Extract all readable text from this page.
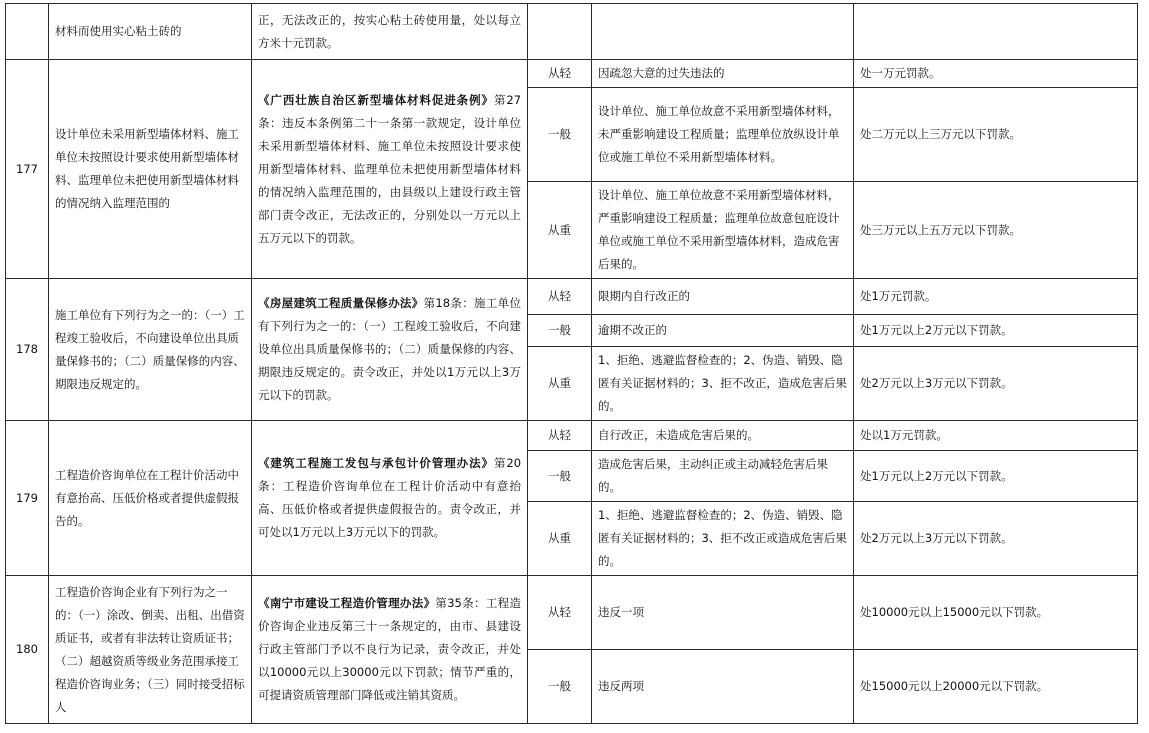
	材料而使用实心粘土砖的	正，无法改正的，按实心粘土砖使用量，处以每立方米十元罚款。			
177	设计单位未采用新型墙体材料、施工单位未按照设计要求使用新型墙体材料、监理单位未把使用新型墙体材料的情况纳入监理范围的	《广西壮族自治区新型墙体材料促进条例》第27条：违反本条例第二十一条第一款规定，设计单位未采用新型墙体材料、施工单位未按照设计要求使用新型墙体材料、监理单位未把使用新型墙体材料的情况纳入监理范围的，由县级以上建设行政主管部门责令改正，无法改正的，分别处以一万元以上五万元以下的罚款。	从轻	因疏忽大意的过失违法的	处一万元罚款。
			一般	设计单位、施工单位故意不采用新型墙体材料，未严重影响建设工程质量；监理单位放纵设计单位或施工单位不采用新型墙体材料。	处二万元以上三万元以下罚款。
			从重	设计单位、施工单位故意不采用新型墙体材料，严重影响建设工程质量；监理单位故意包庇设计单位或施工单位不采用新型墙体材料，造成危害后果的。	处三万元以上五万元以下罚款。
178	施工单位有下列行为之一的：（一）工程竣工验收后，不向建设单位出具质量保修书的；（二）质量保修的内容、期限违反规定的。	《房屋建筑工程质量保修办法》第18条：施工单位有下列行为之一的：（一）工程竣工验收后，不向建设单位出具质量保修书的；（二）质量保修的内容、期限违反规定的。责令改正，并处以1万元以上3万元以下的罚款。	从轻	限期内自行改正的	处1万元罚款。
			一般	逾期不改正的	处1万元以上2万元以下罚款。
			从重	1、拒绝、逃避监督检查的；2、伪造、销毁、隐匿有关证据材料的；3、拒不改正，造成危害后果的。	处2万元以上3万元以下罚款。
179	工程造价咨询单位在工程计价活动中有意抬高、压低价格或者提供虚假报告的。	《建筑工程施工发包与承包计价管理办法》第20条：工程造价咨询单位在工程计价活动中有意抬高、压低价格或者提供虚假报告的。责令改正，并可处以1万元以上3万元以下的罚款。	从轻	自行改正，未造成危害后果的。	处以1万元罚款。
			一般	造成危害后果，主动纠正或主动减轻危害后果的。	处1万元以上2万元以下罚款。
			从重	1、拒绝、逃避监督检查的；2、伪造、销毁、隐匿有关证据材料的；3、拒不改正或造成危害后果的。	处2万元以上3万元以下罚款。
180	工程造价咨询企业有下列行为之一的：（一）涂改、倒卖、出租、出借资质证书，或者有非法转让资质证书；（二）超越资质等级业务范围承接工程造价咨询业务；（三）同时接受招标人	《南宁市建设工程造价管理办法》第35条：工程造价咨询企业违反第三十一条规定的，由市、县建设行政主管部门予以不良行为记录，责令改正，并处以10000元以上30000元以下罚款；情节严重的，可提请资质管理部门降低或注销其资质。	从轻	违反一项	处10000元以上15000元以下罚款。
			一般	违反两项	处15000元以上20000元以下罚款。
